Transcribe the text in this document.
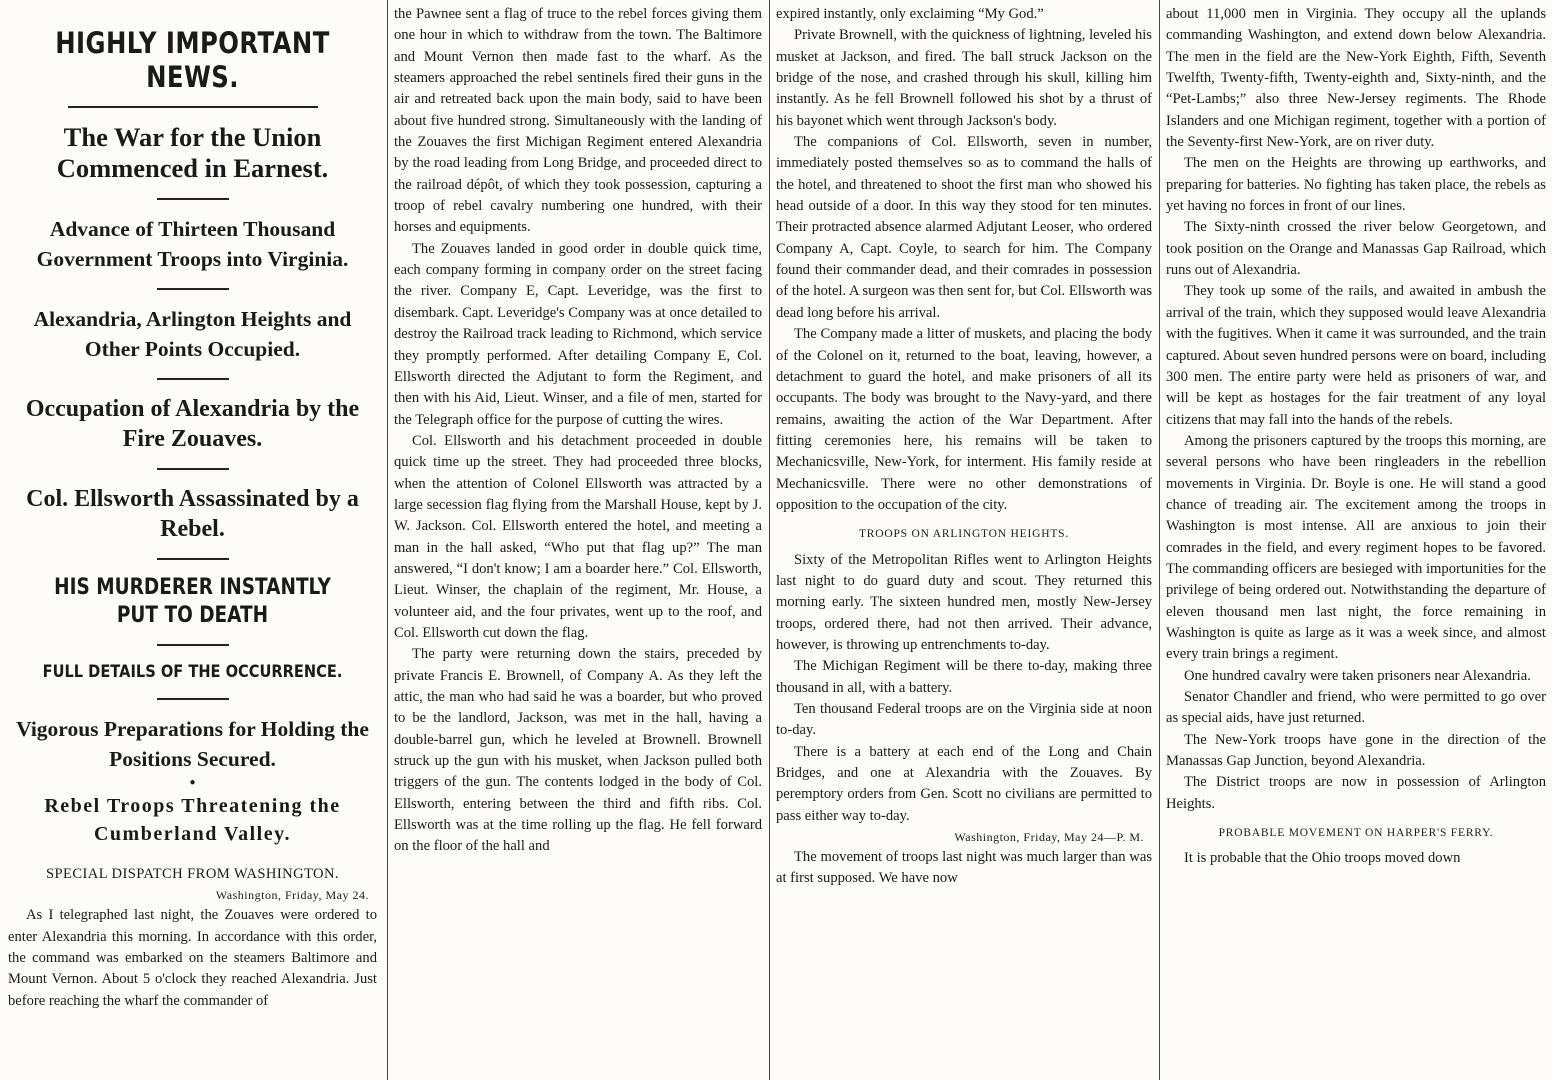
HIGHLY IMPORTANT NEWS.
The War for the Union Commenced in Earnest.
Advance of Thirteen Thousand Government Troops into Virginia.
Alexandria, Arlington Heights and Other Points Occupied.
Occupation of Alexandria by the Fire Zouaves.
Col. Ellsworth Assassinated by a Rebel.
HIS MURDERER INSTANTLY PUT TO DEATH
FULL DETAILS OF THE OCCURRENCE.
Vigorous Preparations for Holding the Positions Secured.
●
Rebel Troops Threatening the Cumberland Valley.
SPECIAL DISPATCH FROM WASHINGTON.
Washington, Friday, May 24.

As I telegraphed last night, the Zouaves were ordered to enter Alexandria this morning. In accordance with this order, the command was embarked on the steamers Baltimore and Mount Vernon. About 5 o'clock they reached Alexandria. Just before reaching the wharf the commander of

the Pawnee sent a flag of truce to the rebel forces giving them one hour in which to withdraw from the town. The Baltimore and Mount Vernon then made fast to the wharf. As the steamers approached the rebel sentinels fired their guns in the air and retreated back upon the main body, said to have been about five hundred strong. Simultaneously with the landing of the Zouaves the first Michigan Regiment entered Alexandria by the road leading from Long Bridge, and proceeded direct to the railroad dépôt, of which they took possession, capturing a troop of rebel cavalry numbering one hundred, with their horses and equipments.

The Zouaves landed in good order in double quick time, each company forming in company order on the street facing the river. Company E, Capt. Leveridge, was the first to disembark. Capt. Leveridge's Company was at once detailed to destroy the Railroad track leading to Richmond, which service they promptly performed. After detailing Company E, Col. Ellsworth directed the Adjutant to form the Regiment, and then with his Aid, Lieut. Winser, and a file of men, started for the Telegraph office for the purpose of cutting the wires.

Col. Ellsworth and his detachment proceeded in double quick time up the street. They had proceeded three blocks, when the attention of Colonel Ellsworth was attracted by a large secession flag flying from the Marshall House, kept by J. W. Jackson. Col. Ellsworth entered the hotel, and meeting a man in the hall asked, “Who put that flag up?” The man answered, “I don't know; I am a boarder here.” Col. Ellsworth, Lieut. Winser, the chaplain of the regiment, Mr. House, a volunteer aid, and the four privates, went up to the roof, and Col. Ellsworth cut down the flag.

The party were returning down the stairs, preceded by private Francis E. Brownell, of Company A. As they left the attic, the man who had said he was a boarder, but who proved to be the landlord, Jackson, was met in the hall, having a double-barrel gun, which he leveled at Brownell. Brownell struck up the gun with his musket, when Jackson pulled both triggers of the gun. The contents lodged in the body of Col. Ellsworth, entering between the third and fifth ribs. Col. Ellsworth was at the time rolling up the flag. He fell forward on the floor of the hall and

expired instantly, only exclaiming “My God.”

Private Brownell, with the quickness of lightning, leveled his musket at Jackson, and fired. The ball struck Jackson on the bridge of the nose, and crashed through his skull, killing him instantly. As he fell Brownell followed his shot by a thrust of his bayonet which went through Jackson's body.

The companions of Col. Ellsworth, seven in number, immediately posted themselves so as to command the halls of the hotel, and threatened to shoot the first man who showed his head outside of a door. In this way they stood for ten minutes. Their protracted absence alarmed Adjutant Leoser, who ordered Company A, Capt. Coyle, to search for him. The Company found their commander dead, and their comrades in possession of the hotel. A surgeon was then sent for, but Col. Ellsworth was dead long before his arrival.

The Company made a litter of muskets, and placing the body of the Colonel on it, returned to the boat, leaving, however, a detachment to guard the hotel, and make prisoners of all its occupants. The body was brought to the Navy-yard, and there remains, awaiting the action of the War Department. After fitting ceremonies here, his remains will be taken to Mechanicsville, New-York, for interment. His family reside at Mechanicsville. There were no other demonstrations of opposition to the occupation of the city.

TROOPS ON ARLINGTON HEIGHTS.

Sixty of the Metropolitan Rifles went to Arlington Heights last night to do guard duty and scout. They returned this morning early. The sixteen hundred men, mostly New-Jersey troops, ordered there, had not then arrived. Their advance, however, is throwing up entrenchments to-day.

The Michigan Regiment will be there to-day, making three thousand in all, with a battery.

Ten thousand Federal troops are on the Virginia side at noon to-day.

There is a battery at each end of the Long and Chain Bridges, and one at Alexandria with the Zouaves. By peremptory orders from Gen. Scott no civilians are permitted to pass either way to-day.

Washington, Friday, May 24—P. M.

The movement of troops last night was much larger than was at first supposed. We have now

about 11,000 men in Virginia. They occupy all the uplands commanding Washington, and extend down below Alexandria. The men in the field are the New-York Eighth, Fifth, Seventh Twelfth, Twenty-fifth, Twenty-eighth and, Sixty-ninth, and the “Pet-Lambs;” also three New-Jersey regiments. The Rhode Islanders and one Michigan regiment, together with a portion of the Seventy-first New-York, are on river duty.

The men on the Heights are throwing up earthworks, and preparing for batteries. No fighting has taken place, the rebels as yet having no forces in front of our lines.

The Sixty-ninth crossed the river below Georgetown, and took position on the Orange and Manassas Gap Railroad, which runs out of Alexandria.

They took up some of the rails, and awaited in ambush the arrival of the train, which they supposed would leave Alexandria with the fugitives. When it came it was surrounded, and the train captured. About seven hundred persons were on board, including 300 men. The entire party were held as prisoners of war, and will be kept as hostages for the fair treatment of any loyal citizens that may fall into the hands of the rebels.

Among the prisoners captured by the troops this morning, are several persons who have been ringleaders in the rebellion movements in Virginia. Dr. Boyle is one. He will stand a good chance of treading air. The excitement among the troops in Washington is most intense. All are anxious to join their comrades in the field, and every regiment hopes to be favored. The commanding officers are besieged with importunities for the privilege of being ordered out. Notwithstanding the departure of eleven thousand men last night, the force remaining in Washington is quite as large as it was a week since, and almost every train brings a regiment.

One hundred cavalry were taken prisoners near Alexandria.

Senator Chandler and friend, who were permitted to go over as special aids, have just returned.

The New-York troops have gone in the direction of the Manassas Gap Junction, beyond Alexandria.

The District troops are now in possession of Arlington Heights.

PROBABLE MOVEMENT ON HARPER'S FERRY.

It is probable that the Ohio troops moved down
